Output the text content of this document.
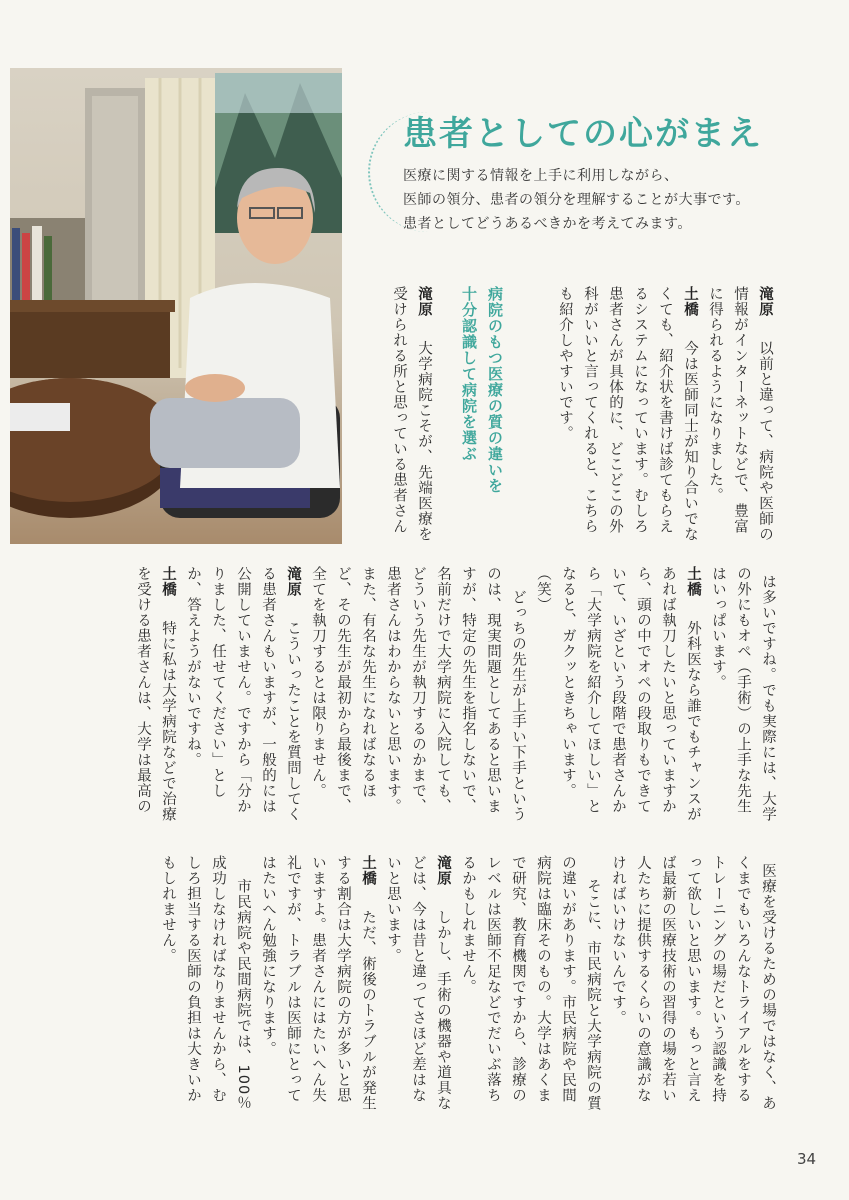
患者としての心がまえ
医療に関する情報を上手に利用しながら、
医師の領分、患者の領分を理解することが大事です。
患者としてどうあるべきかを考えてみます。

滝原　以前と違って、病院や医師の情報がインターネットなどで、豊富に得られるようになりました。

土橋　今は医師同士が知り合いでなくても、紹介状を書けば診てもらえるシステムになっています。むしろ患者さんが具体的に、どこどこの外科がいいと言ってくれると、こちらも紹介しやすいです。

病院のもつ医療の質の違いを
十分認識して病院を選ぶ

滝原　大学病院こそが、先端医療を受けられる所と思っている患者さん

は多いですね。でも実際には、大学の外にもオペ（手術）の上手な先生はいっぱいます。

土橋　外科医なら誰でもチャンスがあれば執刀したいと思っていますから、頭の中でオペの段取りもできていて、いざという段階で患者さんから「大学病院を紹介してほしい」となると、ガクッときちゃいます。（笑）

　どっちの先生が上手い下手というのは、現実問題としてあると思いますが、特定の先生を指名しないで、名前だけで大学病院に入院しても、どういう先生が執刀するのかまで、患者さんはわからないと思います。また、有名な先生になればなるほど、その先生が最初から最後まで、全てを執刀するとは限りません。

滝原　こういったことを質問してくる患者さんもいますが、一般的には公開していません。ですから「分かりました、任せてください」としか、答えようがないですね。

土橋　特に私は大学病院などで治療を受ける患者さんは、大学は最高の

医療を受けるための場ではなく、あくまでもいろんなトライアルをするトレーニングの場だという認識を持って欲しいと思います。もっと言えば最新の医療技術の習得の場を若い人たちに提供するくらいの意識がなければいけないんです。

　そこに、市民病院と大学病院の質の違いがあります。市民病院や民間病院は臨床そのもの。大学はあくまで研究、教育機関ですから、診療のレベルは医師不足などでだいぶ落ちるかもしれません。

滝原　しかし、手術の機器や道具などは、今は昔と違ってさほど差はないと思います。

土橋　ただ、術後のトラブルが発生する割合は大学病院の方が多いと思いますよ。患者さんにはたいへん失礼ですが、トラブルは医師にとってはたいへん勉強になります。

　市民病院や民間病院では、100％成功しなければなりませんから、むしろ担当する医師の負担は大きいかもしれません。

34
